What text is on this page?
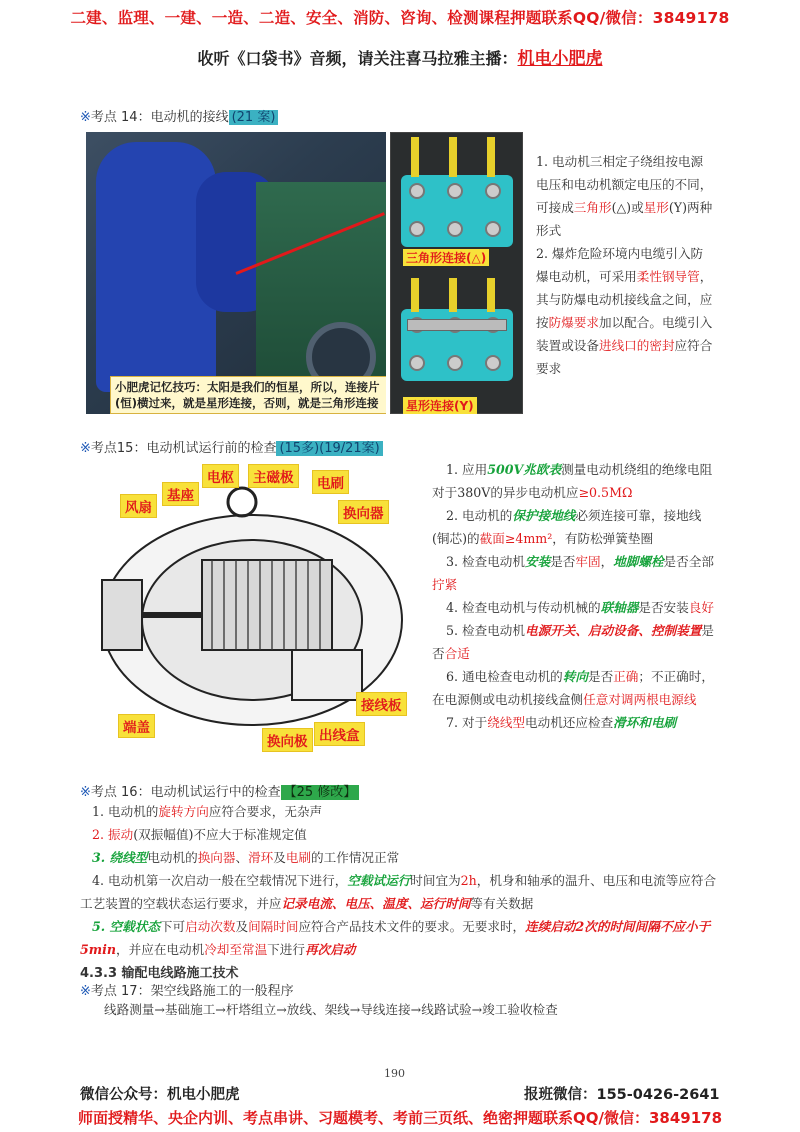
二建、监理、一建、一造、二造、安全、消防、咨询、检测课程押题联系QQ/微信：3849178
收听《口袋书》音频，请关注喜马拉雅主播：机电小肥虎
※考点 14：电动机的接线 (21 案)
小肥虎记忆技巧：太阳是我们的恒星，所以，连接片(恒)横过来，就是星形连接，否则，就是三角形连接
三角形连接(△)
星形连接(Y)
1. 电动机三相定子绕组按电源电压和电动机额定电压的不同，可接成三角形(△)或星形(Y)两种形式
2. 爆炸危险环境内电缆引入防爆电动机，可采用柔性钢导管，其与防爆电动机接线盒之间，应按防爆要求加以配合。电缆引入装置或设备进线口的密封应符合要求
※考点15：电动机试运行前的检查 (15多)(19/21案)
电枢	主磁极	电刷
风扇
基座
换向器
端盖
接线板
出线盒
换向极
1. 应用500V兆欧表测量电动机绕组的绝缘电阻对于380V的异步电动机应≥0.5MΩ
2. 电动机的保护接地线必须连接可靠，接地线(铜芯)的截面≥4mm²，有防松弹簧垫圈
3. 检查电动机安装是否牢固，地脚螺栓是否全部拧紧
4. 检查电动机与传动机械的联轴器是否安装良好
5. 检查电动机电源开关、启动设备、控制装置是否合适
6. 通电检查电动机的转向是否正确；不正确时，在电源侧或电动机接线盒侧任意对调两根电源线
7. 对于绕线型电动机还应检查滑环和电刷
※考点 16：电动机试运行中的检查 【25 修改】
1. 电动机的旋转方向应符合要求，无杂声
2. 振动(双振幅值)不应大于标准规定值
3. 绕线型电动机的换向器、滑环及电刷的工作情况正常
4. 电动机第一次启动一般在空载情况下进行，空载试运行时间宜为2h，机身和轴承的温升、电压和电流等应符合工艺装置的空载状态运行要求，并应记录电流、电压、温度、运行时间等有关数据
5. 空载状态下可启动次数及间隔时间应符合产品技术文件的要求。无要求时，连续启动2次的时间间隔不应小于5min，并应在电动机冷却至常温下进行再次启动
4.3.3 输配电线路施工技术
※考点 17：架空线路施工的一般程序
线路测量→基础施工→杆塔组立→放线、架线→导线连接→线路试验→竣工验收检查
190
微信公众号：机电小肥虎	报班微信：155-0426-2641
师面授精华、央企内训、考点串讲、习题模考、考前三页纸、绝密押题联系QQ/微信：3849178
